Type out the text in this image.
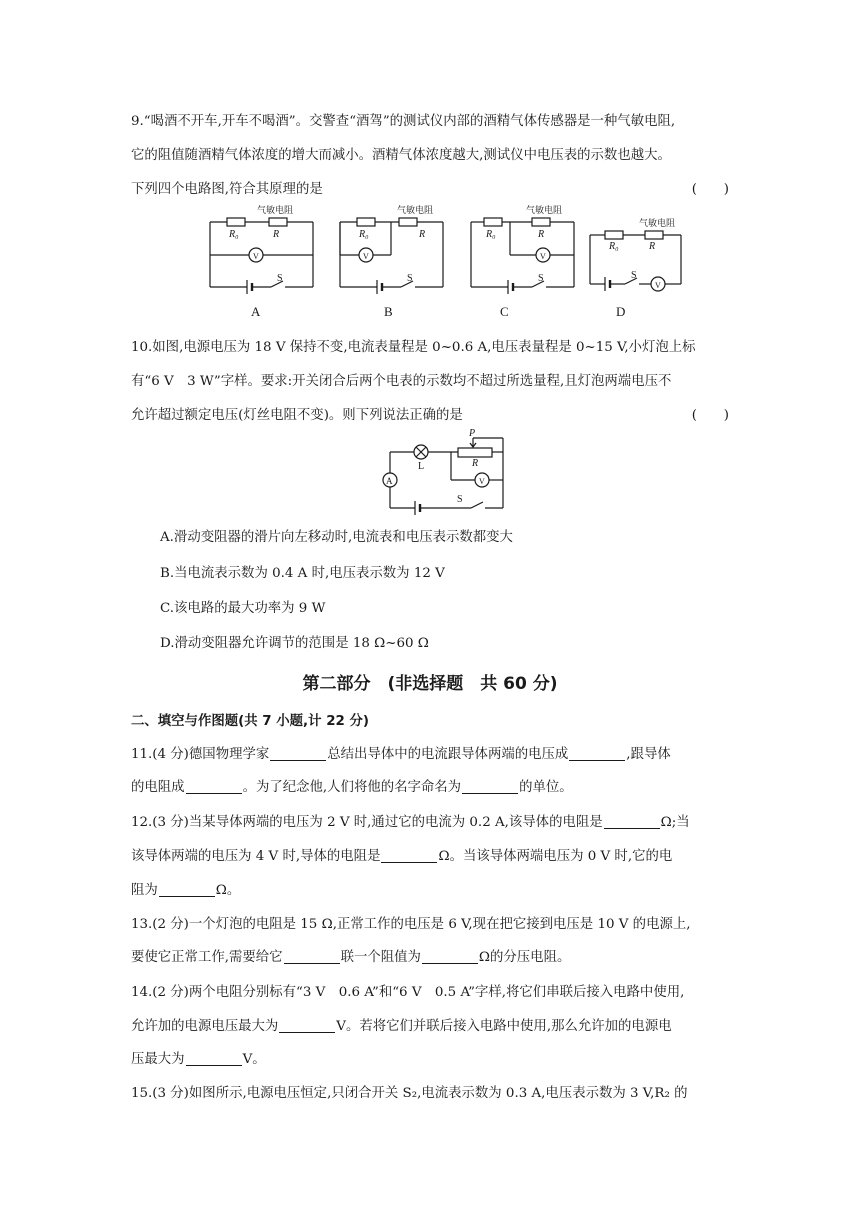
9.“喝酒不开车,开车不喝酒”。交警查“酒驾”的测试仪内部的酒精气体传感器是一种气敏电阻,
它的阻值随酒精气体浓度的增大而减小。酒精气体浓度越大,测试仪中电压表的示数也越大。
下列四个电路图,符合其原理的是	(　　)
气敏电阻
R₀	R
V
S
气敏电阻
R₀	R
V
S
气敏电阻
R₀	R
V
S
气敏电阻
R₀	R
V
S
A	B	C	D
10.如图,电源电压为 18 V 保持不变,电流表量程是 0~0.6 A,电压表量程是 0~15 V,小灯泡上标
有“6 V　3 W”字样。要求:开关闭合后两个电表的示数均不超过所选量程,且灯泡两端电压不
允许超过额定电压(灯丝电阻不变)。则下列说法正确的是	(　　)
P
R
L
A	V
S
A.滑动变阻器的滑片向左移动时,电流表和电压表示数都变大
B.当电流表示数为 0.4 A 时,电压表示数为 12 V
C.该电路的最大功率为 9 W
D.滑动变阻器允许调节的范围是 18 Ω~60 Ω
第二部分　(非选择题　共 60 分)
二、填空与作图题(共 7 小题,计 22 分)
11.(4 分)德国物理学家	总结出导体中的电流跟导体两端的电压成	,跟导体
的电阻成	。为了纪念他,人们将他的名字命名为	的单位。
12.(3 分)当某导体两端的电压为 2 V 时,通过它的电流为 0.2 A,该导体的电阻是	Ω;当
该导体两端的电压为 4 V 时,导体的电阻是	Ω。当该导体两端电压为 0 V 时,它的电
阻为	Ω。
13.(2 分)一个灯泡的电阻是 15 Ω,正常工作的电压是 6 V,现在把它接到电压是 10 V 的电源上,
要使它正常工作,需要给它	联一个阻值为	Ω的分压电阻。
14.(2 分)两个电阻分别标有“3 V　0.6 A”和“6 V　0.5 A”字样,将它们串联后接入电路中使用,
允许加的电源电压最大为	V。若将它们并联后接入电路中使用,那么允许加的电源电
压最大为	V。
15.(3 分)如图所示,电源电压恒定,只闭合开关 S₂,电流表示数为 0.3 A,电压表示数为 3 V,R₂ 的
